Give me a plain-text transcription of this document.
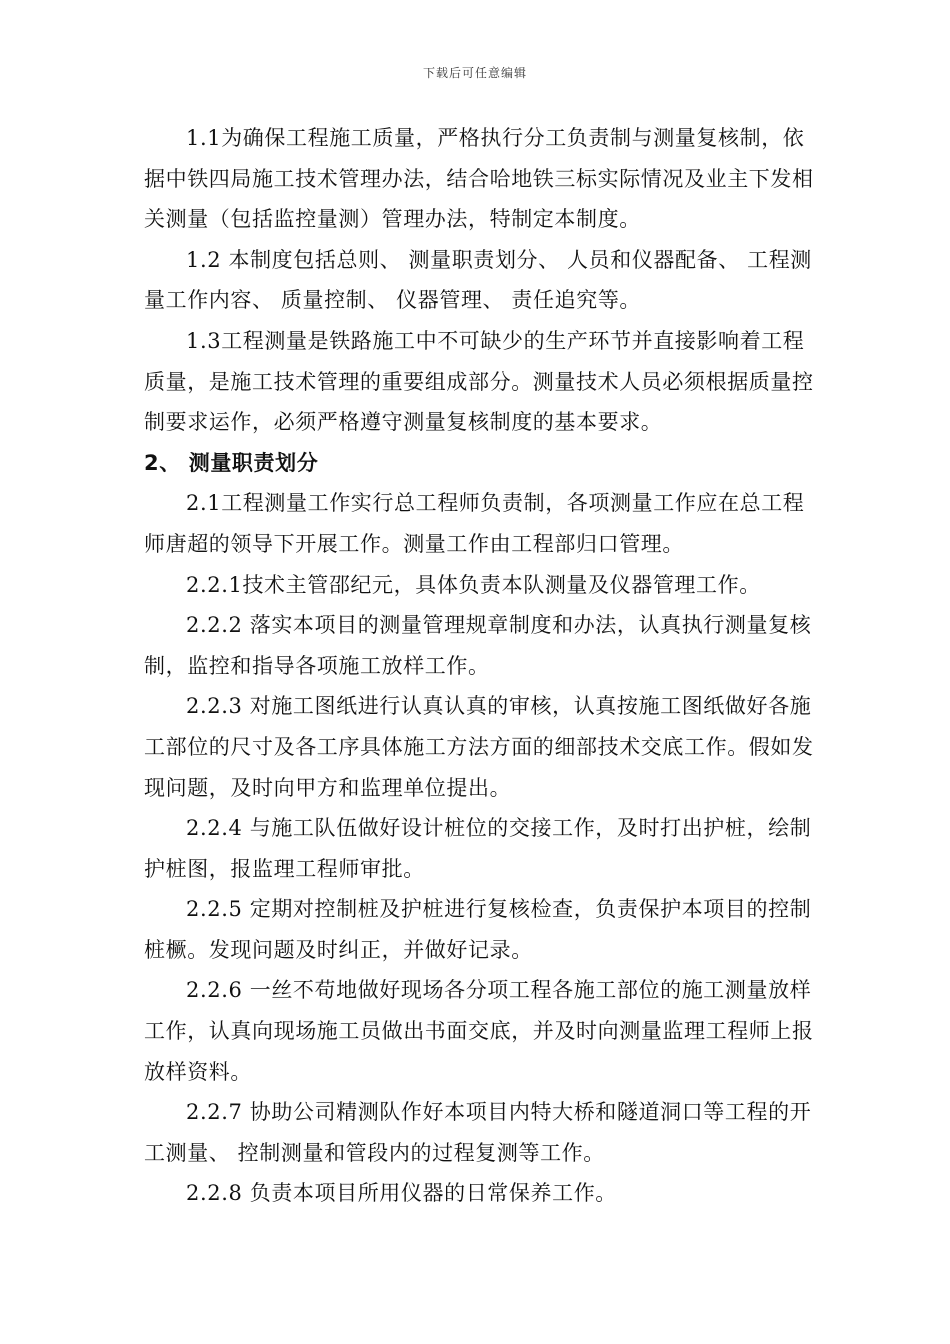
下载后可任意编辑

1.1为确保工程施工质量，严格执行分工负责制与测量复核制，依据中铁四局施工技术管理办法，结合哈地铁三标实际情况及业主下发相关测量（包括监控量测）管理办法，特制定本制度。

1.2 本制度包括总则、 测量职责划分、 人员和仪器配备、 工程测量工作内容、 质量控制、 仪器管理、 责任追究等。

1.3工程测量是铁路施工中不可缺少的生产环节并直接影响着工程质量，是施工技术管理的重要组成部分。测量技术人员必须根据质量控制要求运作，必须严格遵守测量复核制度的基本要求。

2、 测量职责划分

2.1工程测量工作实行总工程师负责制，各项测量工作应在总工程师唐超的领导下开展工作。测量工作由工程部归口管理。

2.2.1技术主管邵纪元，具体负责本队测量及仪器管理工作。

2.2.2 落实本项目的测量管理规章制度和办法，认真执行测量复核制，监控和指导各项施工放样工作。

2.2.3 对施工图纸进行认真认真的审核，认真按施工图纸做好各施工部位的尺寸及各工序具体施工方法方面的细部技术交底工作。假如发现问题，及时向甲方和监理单位提出。

2.2.4 与施工队伍做好设计桩位的交接工作，及时打出护桩，绘制护桩图，报监理工程师审批。

2.2.5 定期对控制桩及护桩进行复核检查，负责保护本项目的控制桩橛。发现问题及时纠正，并做好记录。

2.2.6 一丝不苟地做好现场各分项工程各施工部位的施工测量放样工作，认真向现场施工员做出书面交底，并及时向测量监理工程师上报放样资料。

2.2.7 协助公司精测队作好本项目内特大桥和隧道洞口等工程的开工测量、 控制测量和管段内的过程复测等工作。

2.2.8 负责本项目所用仪器的日常保养工作。
